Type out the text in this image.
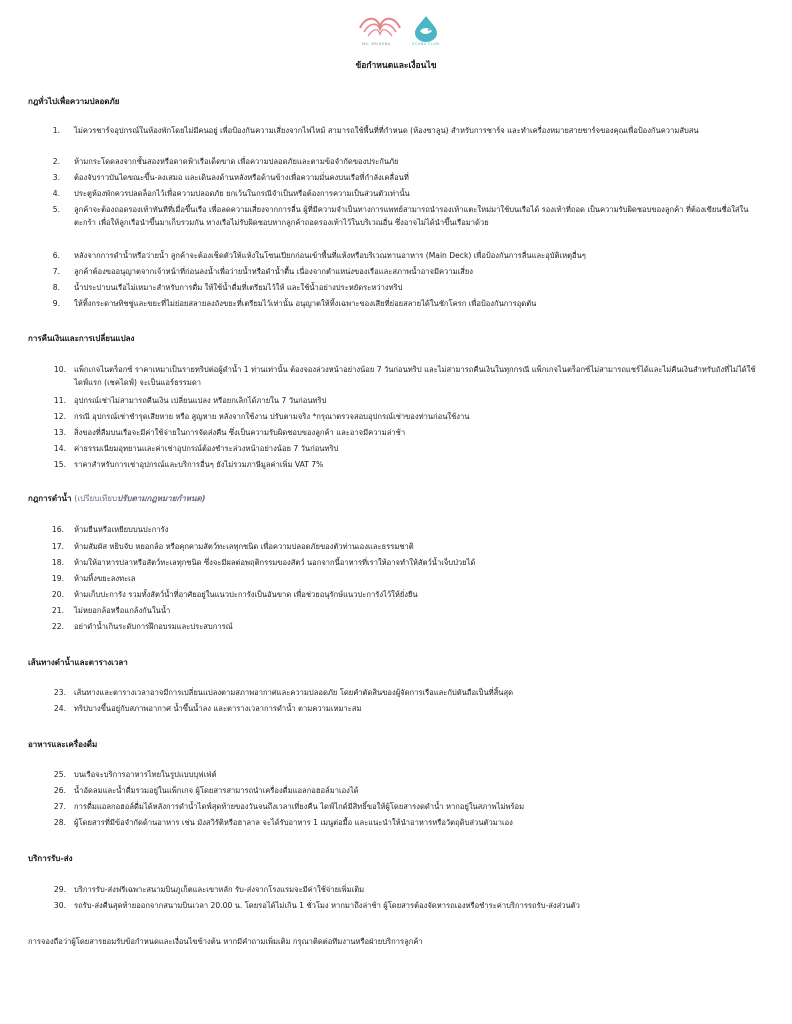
MS. KRISHNA	SCUBA CLUB
ข้อกำหนดและเงื่อนไข
กฎทั่วไปเพื่อความปลอดภัย
1. ไม่ควรชาร์จอุปกรณ์ในห้องพักโดยไม่มีคนอยู่ เพื่อป้องกันความเสี่ยงจากไฟไหม้ สามารถใช้พื้นที่ที่กำหนด (ห้องซาลูน) สำหรับการชาร์จ และทำเครื่องหมายสายชาร์จของคุณเพื่อป้องกันความสับสน
2. ห้ามกระโดดลงจากชั้นสองหรือดาดฟ้าเรือเด็ดขาด เพื่อความปลอดภัยและตามข้อจำกัดของประกันภัย
3. ต้องจับราวบันไดขณะขึ้น-ลงเสมอ และเดินลงด้านหลังหรือด้านข้างเพื่อความมั่นคงบนเรือที่กำลังเคลื่อนที่
4. ประตูห้องพักควรปลดล็อกไว้เพื่อความปลอดภัย ยกเว้นในกรณีจำเป็นหรือต้องการความเป็นส่วนตัวเท่านั้น
5. ลูกค้าจะต้องถอดรองเท้าทันทีที่เมื่อขึ้นเรือ เพื่อลดความเสี่ยงจากการลื่น ผู้ที่มีความจำเป็นทางการแพทย์สามารถนำรองเท้าแตะใหม่มาใช้บนเรือได้ รองเท้าที่ถอด เป็นความรับผิดชอบของลูกค้า ที่ต้องเขียนชื่อใส่ในตะกร้า เพื่อให้ลูกเรือนำขึ้นมาเก็บรวมกัน ทางเรือไม่รับผิดชอบหากลูกค้าถอดรองเท้าไว้ในบริเวณอื่น ซึ่งอาจไม่ได้นำขึ้นเรือมาด้วย
6. หลังจากการดำน้ำหรือว่ายน้ำ ลูกค้าจะต้องเช็ดตัวให้แห้งในโซนเปียกก่อนเข้าพื้นที่แห้งหรือบริเวณทานอาหาร (Main Deck) เพื่อป้องกันการลื่นและอุบัติเหตุอื่นๆ
7. ลูกค้าต้องขออนุญาตจากเจ้าหน้าที่ก่อนลงน้ำเพื่อว่ายน้ำหรือดำน้ำตื้น เนื่องจากตำแหน่งของเรือและสภาพน้ำอาจมีความเสี่ยง
8. น้ำประปาบนเรือไม่เหมาะสำหรับการดื่ม ให้ใช้น้ำดื่มที่เตรียมไว้ให้ และใช้น้ำอย่างประหยัดระหว่างทริป
9. ให้ทิ้งกระดาษทิชชู่และขยะที่ไม่ย่อยสลายลงถังขยะที่เตรียมไว้เท่านั้น อนุญาตให้ทิ้งเฉพาะของเสียที่ย่อยสลายได้ในชักโครก เพื่อป้องกันการอุดตัน
การคืนเงินและการเปลี่ยนแปลง
10. แพ็กเกจไนตร็อกซ์ ราคาเหมาเป็นรายทริปต่อผู้ดำน้ำ 1 ท่านเท่านั้น ต้องจองล่วงหน้าอย่างน้อย 7 วันก่อนทริป และไม่สามารถคืนเงินในทุกกรณี แพ็กเกจไนตร็อกซ์ไม่สามารถแชร์ได้และไม่คืนเงินสำหรับถังที่ไม่ได้ใช้ ไดฟ์แรก (เชคไดฟ์) จะเป็นแอร์ธรรมดา
11. อุปกรณ์เช่าไม่สามารถคืนเงิน เปลี่ยนแปลง หรือยกเลิกได้ภายใน 7 วันก่อนทริป
12. กรณี อุปกรณ์เช่าชำรุดเสียหาย หรือ สูญหาย หลังจากใช้งาน ปรับตามจริง *กรุณาตรวจสอบอุปกรณ์เช่าของท่านก่อนใช้งาน
13. สิ่งของที่ลืมบนเรือจะมีค่าใช้จ่ายในการจัดส่งคืน ซึ่งเป็นความรับผิดชอบของลูกค้า และอาจมีความล่าช้า
14. ค่าธรรมเนียมอุทยานและค่าเช่าอุปกรณ์ต้องชำระล่วงหน้าอย่างน้อย 7 วันก่อนทริป
15. ราคาสำหรับการเช่าอุปกรณ์และบริการอื่นๆ ยังไม่รวมภาษีมูลค่าเพิ่ม VAT 7%
กฎการดำน้ำ (เปรียบเทียบปรับตามกฎหมายกำหนด)
16. ห้ามยืนหรือเหยียบบนปะการัง
17. ห้ามสัมผัส หยิบจับ หยอกล้อ หรือคุกคามสัตว์ทะเลทุกชนิด เพื่อความปลอดภัยของตัวท่านเองและธรรมชาติ
18. ห้ามให้อาหารปลาหรือสัตว์ทะเลทุกชนิด ซึ่งจะมีผลต่อพฤติกรรมของสัตว์ นอกจากนี้อาหารที่เราให้อาจทำให้สัตว์น้ำเจ็บป่วยได้
19. ห้ามทิ้งขยะลงทะเล
20. ห้ามเก็บปะการัง รวมทั้งสัตว์น้ำที่อาศัยอยู่ในแนวปะการังเป็นอันขาด เพื่อช่วยอนุรักษ์แนวปะการังไว้ให้ยั่งยืน
21. ไม่หยอกล้อหรือแกล้งกันในน้ำ
22. อย่าดำน้ำเกินระดับการฝึกอบรมและประสบการณ์
เส้นทางดำน้ำและตารางเวลา
23. เส้นทางและตารางเวลาอาจมีการเปลี่ยนแปลงตามสภาพอากาศและความปลอดภัย โดยคำตัดสินของผู้จัดการเรือและกัปตันถือเป็นที่สิ้นสุด
24. ทริปบางขึ้นอยู่กับสภาพอากาศ น้ำขึ้นน้ำลง และตารางเวลาการดำน้ำ ตามความเหมาะสม
อาหารและเครื่องดื่ม
25. บนเรือจะบริการอาหารไทยในรูปแบบบุฟเฟ่ต์
26. น้ำอัดลมและน้ำดื่มรวมอยู่ในแพ็กเกจ ผู้โดยสารสามารถนำเครื่องดื่มแอลกอฮอล์มาเองได้
27. การดื่มแอลกอฮอล์ดื่มได้หลังการดำน้ำไดฟ์สุดท้ายของวันจนถึงเวลาเที่ยงคืน ไดฟ์ไกด์มีสิทธิ์ขอให้ผู้โดยสารงดดำน้ำ หากอยู่ในสภาพไม่พร้อม
28. ผู้โดยสารที่มีข้อจำกัดด้านอาหาร เช่น มังสวิรัติหรือฮาลาล จะได้รับอาหาร 1 เมนูต่อมื้อ และแนะนำให้นำอาหารหรือวัตถุดิบส่วนตัวมาเอง
บริการรับ-ส่ง
29. บริการรับ-ส่งฟรีเฉพาะสนามบินภูเก็ตและเขาหลัก รับ-ส่งจากโรงแรมจะมีค่าใช้จ่ายเพิ่มเติม
30. รถรับ-ส่งคืนสุดท้ายออกจากสนามบินเวลา 20.00 น. โดยรอได้ไม่เกิน 1 ชั่วโมง หากมาถึงล่าช้า ผู้โดยสารต้องจัดหารถเองหรือชำระค่าบริการรถรับ-ส่งส่วนตัว
การจองถือว่าผู้โดยสารยอมรับข้อกำหนดและเงื่อนไขข้างต้น หากมีคำถามเพิ่มเติม กรุณาติดต่อทีมงานหรือฝ่ายบริการลูกค้า
